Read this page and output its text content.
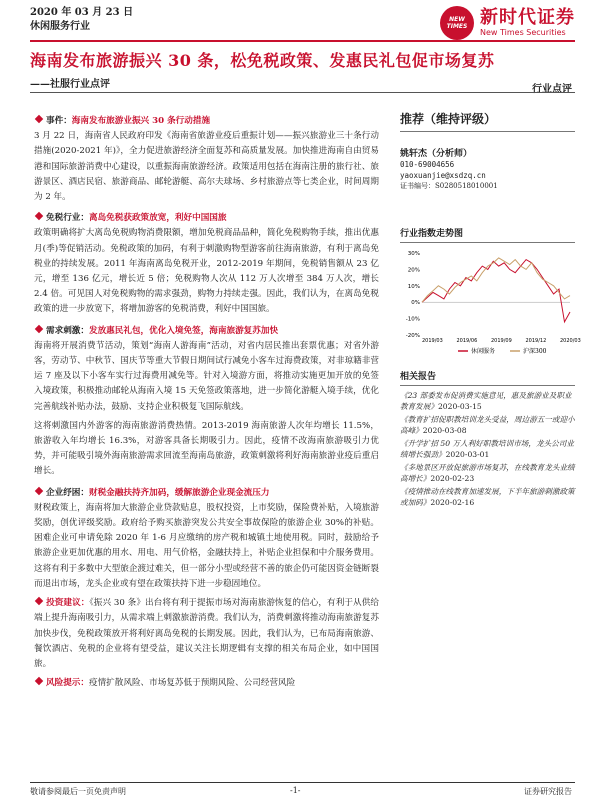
2020 年 03 月 23 日
休闲服务行业
NEW
TIMES 新时代证券
New Times Securities
海南发布旅游振兴 30 条，松免税政策、发惠民礼包促市场复苏
——社服行业点评	行业点评
事件：海南发布旅游业振兴 30 条行动措施
3 月 22 日，海南省人民政府印发《海南省旅游业疫后重振计划——振兴旅游业三十条行动措施(2020-2021 年)》，全力促进旅游经济全面复苏和高质量发展。加快推进海南自由贸易港和国际旅游消费中心建设，以重振海南旅游经济。政策适用包括在海南注册的旅行社、旅游景区、酒店民宿、旅游商品、邮轮游艇、高尔夫球场、乡村旅游点等七类企业，时间周期为 2 年。
免税行业：离岛免税获政策放宽，利好中国国旅
政策明确将扩大离岛免税购物消费限额，增加免税商品品种，简化免税购物手续，推出优惠月(季)等促销活动。免税政策的加码，有利于刺激购物型游客前往海南旅游，有利于离岛免税业的持续发展。2011 年海南离岛免税开业，2012-2019 年期间，免税销售额从 23 亿元，增至 136 亿元，增长近 5 倍；免税购物人次从 112 万人次增至 384 万人次，增长 2.4 倍。可见国人对免税购物的需求强劲，购物力持续走强。因此，我们认为，在离岛免税政策的进一步放宽下，将增加游客的免税消费，利好中国国旅。
需求刺激：发放惠民礼包，优化入境免签，海南旅游复苏加快
海南将开展消费节活动，策划“海南人游海南”活动，对省内居民推出套票优惠；对省外游客，劳动节、中秋节、国庆节等重大节假日期间试行减免小客车过海费政策，对非琼籍非营运 7 座及以下小客车实行过海费用减免等。针对入境游方面，将推动实施更加开放的免签入境政策，积极推动邮轮从海南入境 15 天免签政策落地，进一步简化游艇入境手续，优化完善航线补贴办法，鼓励、支持企业积极复飞国际航线。
这将刺激国内外游客的海南旅游消费热情。2013-2019 海南旅游人次年均增长 11.5%，旅游收入年均增长 16.3%，对游客具备长期吸引力。因此，疫情不改海南旅游吸引力优势，并可能吸引境外海南旅游需求回流至海南岛旅游，政策刺激将利好海南旅游业疫后重启增长。
企业纾困：财税金融扶持齐加码，缓解旅游企业现金流压力
财税政策上，海南将加大旅游企业贷款贴息，股权投资，上市奖励，保险费补贴，入境旅游奖励，创优评级奖励。政府给予购买旅游突发公共安全事故保险的旅游企业 30%的补贴。困难企业可申请免除 2020 年 1-6 月应缴纳的房产税和城镇土地使用税。同时，鼓励给予旅游企业更加优惠的用水、用电、用气价格，金融扶持上，补贴企业担保和中介服务费用。这将有利于多数中大型旅企渡过难关，但一部分小型或经营不善的旅企仍可能因资金链断裂而退出市场，龙头企业或有望在政策扶持下进一步稳固地位。
投资建议：《振兴 30 条》出台将有利于提振市场对海南旅游恢复的信心，有利于从供给端上提升海南吸引力，从需求端上刺激旅游消费。我们认为，消费刺激将推动海南旅游复苏加快步伐，免税政策放开将利好离岛免税的长期发展。因此，我们认为，已布局海南旅游、餐饮酒店、免税的企业将有望受益，建议关注长期逻辑有支撑的相关布局企业，如中国国旅。
风险提示：疫情扩散风险、市场复苏低于预期风险、公司经营风险
推荐（维持评级）
姚轩杰（分析师）
010-69004656
yaoxuanjie@xsdzq.cn
证书编号：S0280518010001
行业指数走势图
30%
20%
10%
0%
-10%
-20%
2019/03	2019/06	2019/09	2019/12	2020/03
休闲服务	沪深300
相关报告
《23 部委发布促消费实施意见，惠及旅游业及职业教育发展》2020-03-15
《教育扩招促职教培训龙头受益，周边游五一或迎小高峰》2020-03-08
《升学扩招 50 万人利好职教培训市场，龙头公司业绩增长强劲》2020-03-01
《多地景区开放促旅游市场复苏，在线教育龙头业绩高增长》2020-02-23
《疫情推动在线教育加速发展，下半年旅游刺激政策或加码》2020-02-16
敬请参阅最后一页免责声明	-1-	证券研究报告
